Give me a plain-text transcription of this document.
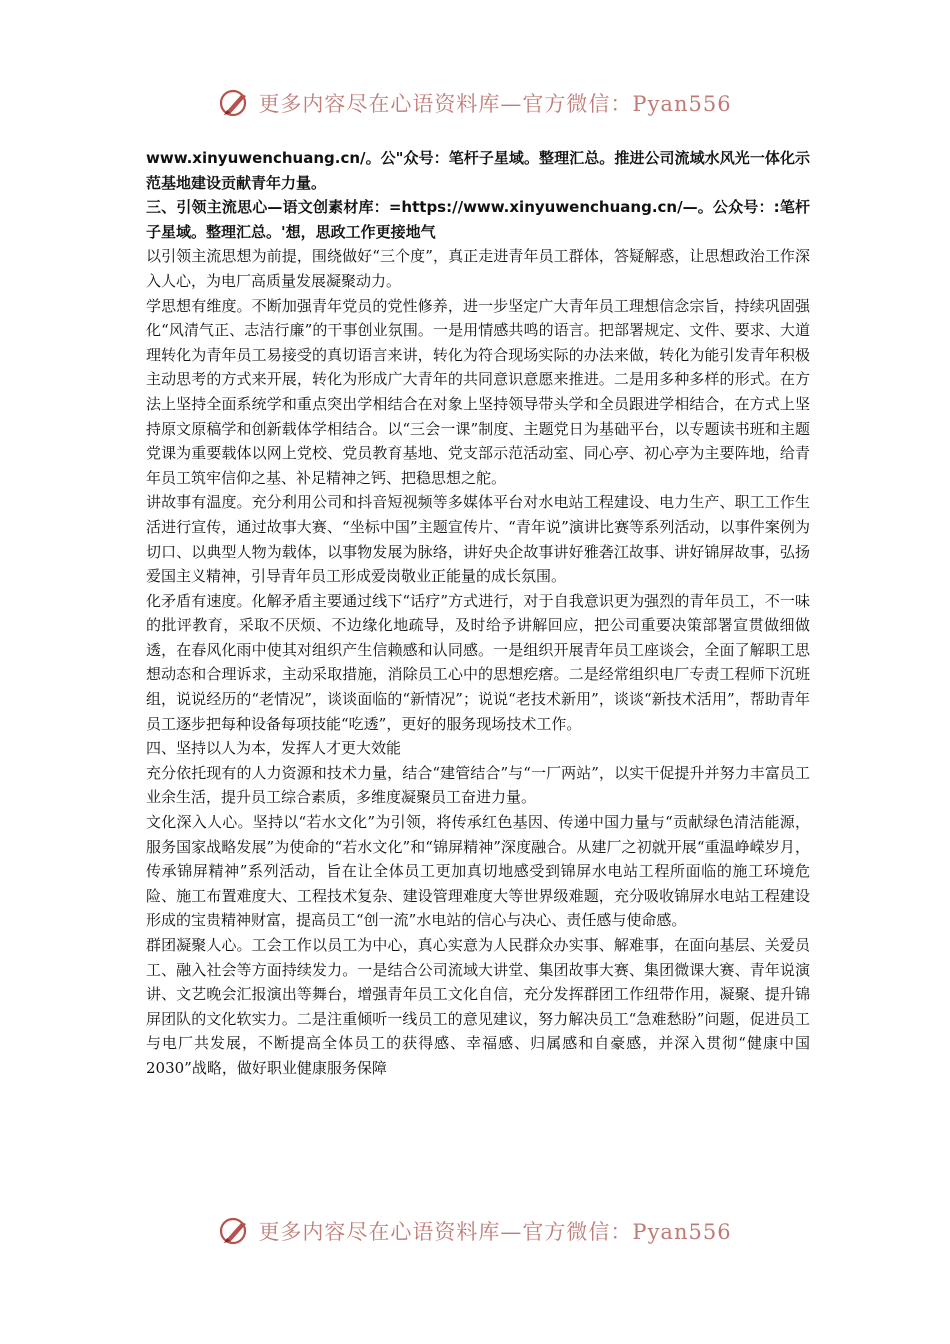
更多内容尽在心语资料库—官方微信：Pyan556

www.xinyuwenchuang.cn/。公"众号：笔杆子星域。整理汇总。推进公司流域水风光一体化示范基地建设贡献青年力量。

三、引领主流思心—语文创素材库：=https://www.xinyuwenchuang.cn/—。公众号：:笔杆子星域。整理汇总。'想，思政工作更接地气

以引领主流思想为前提，围绕做好“三个度”，真正走进青年员工群体，答疑解惑，让思想政治工作深入人心，为电厂高质量发展凝聚动力。

学思想有维度。不断加强青年党员的党性修养，进一步坚定广大青年员工理想信念宗旨，持续巩固强化“风清气正、志洁行廉”的干事创业氛围。一是用情感共鸣的语言。把部署规定、文件、要求、大道理转化为青年员工易接受的真切语言来讲，转化为符合现场实际的办法来做，转化为能引发青年积极主动思考的方式来开展，转化为形成广大青年的共同意识意愿来推进。二是用多种多样的形式。在方法上坚持全面系统学和重点突出学相结合在对象上坚持领导带头学和全员跟进学相结合，在方式上坚持原文原稿学和创新载体学相结合。以“三会一课”制度、主题党日为基础平台，以专题读书班和主题党课为重要载体以网上党校、党员教育基地、党支部示范活动室、同心亭、初心亭为主要阵地，给青年员工筑牢信仰之基、补足精神之钙、把稳思想之舵。

讲故事有温度。充分利用公司和抖音短视频等多媒体平台对水电站工程建设、电力生产、职工工作生活进行宣传，通过故事大赛、“坐标中国”主题宣传片、“青年说”演讲比赛等系列活动，以事件案例为切口、以典型人物为载体，以事物发展为脉络，讲好央企故事讲好雅砻江故事、讲好锦屏故事，弘扬爱国主义精神，引导青年员工形成爱岗敬业正能量的成长氛围。

化矛盾有速度。化解矛盾主要通过线下“话疗”方式进行，对于自我意识更为强烈的青年员工，不一味的批评教育，采取不厌烦、不边缘化地疏导，及时给予讲解回应，把公司重要决策部署宣贯做细做透，在春风化雨中使其对组织产生信赖感和认同感。一是组织开展青年员工座谈会，全面了解职工思想动态和合理诉求，主动采取措施，消除员工心中的思想疙瘩。二是经常组织电厂专责工程师下沉班组，说说经历的“老情况”，谈谈面临的“新情况”；说说“老技术新用”，谈谈“新技术活用”，帮助青年员工逐步把每种设备每项技能“吃透”，更好的服务现场技术工作。

四、坚持以人为本，发挥人才更大效能

充分依托现有的人力资源和技术力量，结合“建管结合”与“一厂两站”，以实干促提升并努力丰富员工业余生活，提升员工综合素质，多维度凝聚员工奋进力量。

文化深入人心。坚持以“若水文化”为引领，将传承红色基因、传递中国力量与“贡献绿色清洁能源，服务国家战略发展”为使命的“若水文化”和“锦屏精神”深度融合。从建厂之初就开展“重温峥嵘岁月，传承锦屏精神”系列活动，旨在让全体员工更加真切地感受到锦屏水电站工程所面临的施工环境危险、施工布置难度大、工程技术复杂、建设管理难度大等世界级难题，充分吸收锦屏水电站工程建设形成的宝贵精神财富，提高员工“创一流”水电站的信心与决心、责任感与使命感。

群团凝聚人心。工会工作以员工为中心，真心实意为人民群众办实事、解难事，在面向基层、关爱员工、融入社会等方面持续发力。一是结合公司流域大讲堂、集团故事大赛、集团微课大赛、青年说演讲、文艺晚会汇报演出等舞台，增强青年员工文化自信，充分发挥群团工作纽带作用，凝聚、提升锦屏团队的文化软实力。二是注重倾听一线员工的意见建议，努力解决员工“急难愁盼”问题，促进员工与电厂共发展，不断提高全体员工的获得感、幸福感、归属感和自豪感，并深入贯彻“健康中国2030”战略，做好职业健康服务保障

更多内容尽在心语资料库—官方微信：Pyan556
